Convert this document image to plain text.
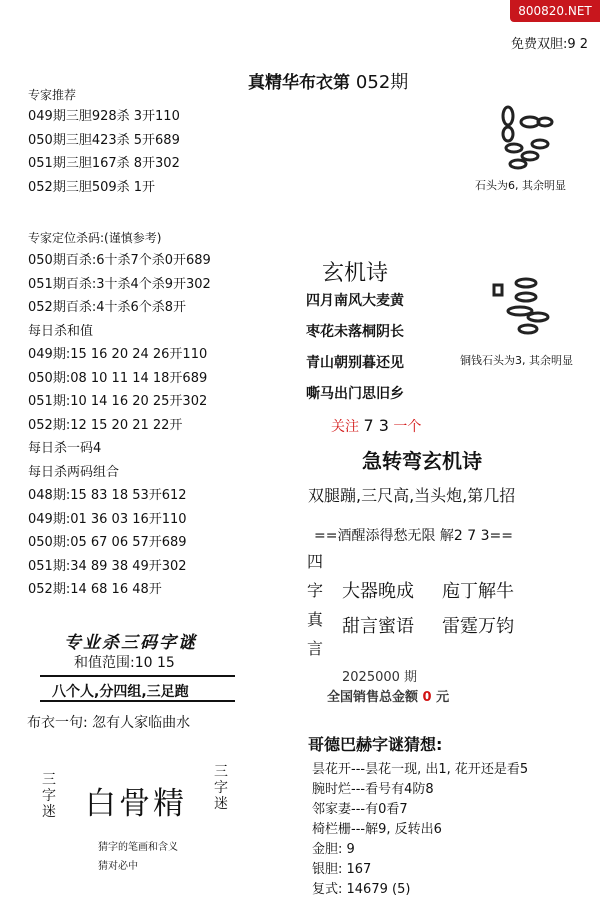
800820.NET
免费双胆:9 2
真精华布衣第 052期
专家推荐
049期三胆928杀 3开110
050期三胆423杀 5开689
051期三胆167杀 8开302
052期三胆509杀 1开
专家定位杀码:(谨慎参考)
050期百杀:6十杀7个杀0开689
051期百杀:3十杀4个杀9开302
052期百杀:4十杀6个杀8开
每日杀和值
049期:15 16 20 24 26开110
050期:08 10 11 14 18开689
051期:10 14 16 20 25开302
052期:12 15 20 21 22开
每日杀一码4
每日杀两码组合
048期:15 83 18 53开612
049期:01 36 03 16开110
050期:05 67 06 57开689
051期:34 89 38 49开302
052期:14 68 16 48开
专业杀三码字谜
和值范围:10 15
八个人,分四组,三足跑
布衣一句: 忽有人家临曲水
三字迷 白骨精
三字迷
猜字的笔画和含义
猜对必中
石头为6, 其余明显
铜钱石头为3, 其余明显
玄机诗
四月南风大麦黄
枣花未落桐阴长
青山朝别暮还见
嘶马出门思旧乡
关注 7 3 一个
急转弯玄机诗
双腿蹦,三尺高,当头炮,第几招
==酒醒添得愁无限 解2 7 3==
四
字
真
言
大器晚成 庖丁解牛
甜言蜜语 雷霆万钧
2025000 期
全国销售总金额 0 元
哥德巴赫字谜猜想:
昙花开---昙花一现, 出1, 花开还是看5
腕时烂---看号有4防8
邻家妻---有0看7
椅栏栅---解9, 反转出6
金胆: 9
银胆: 167
复式: 14679 (5)
